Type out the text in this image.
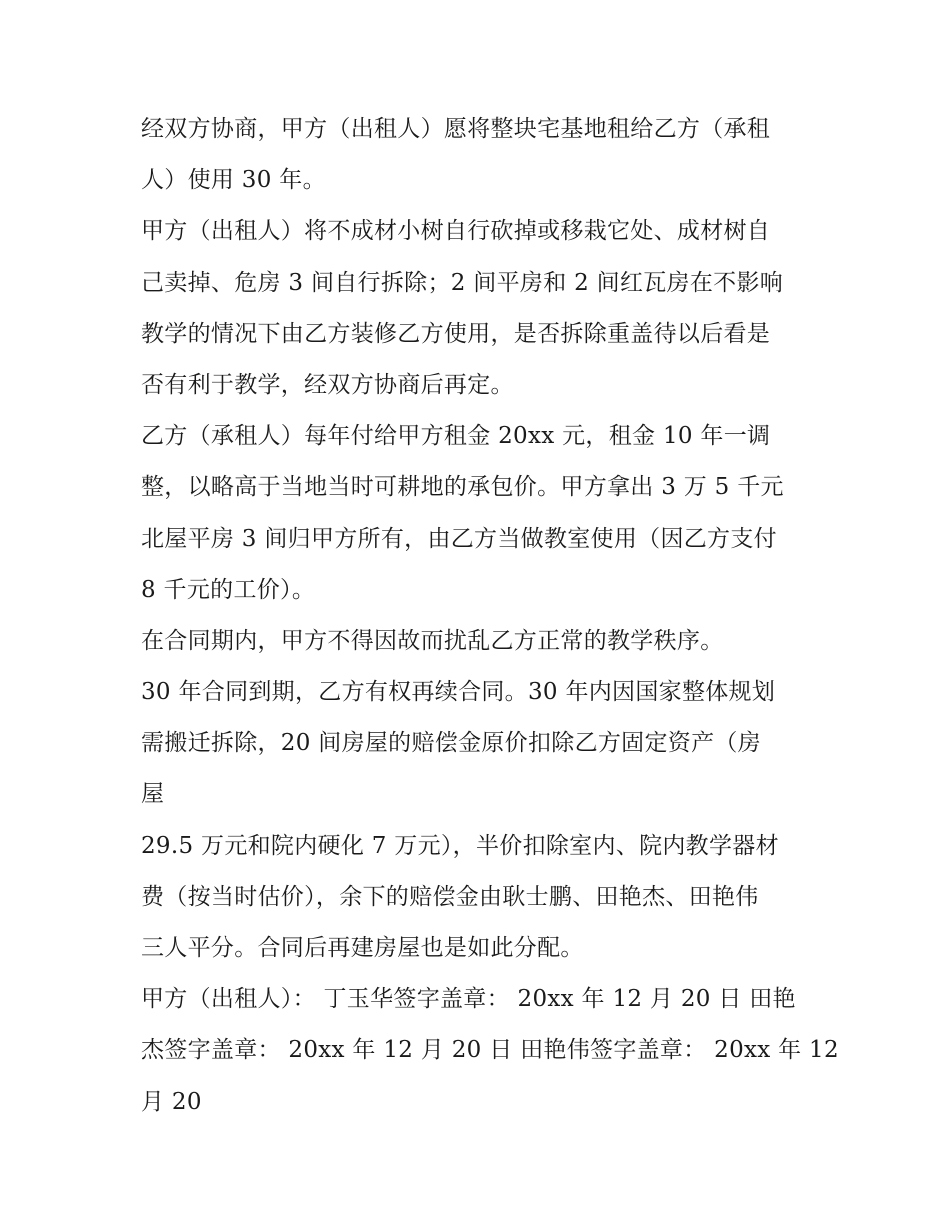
经双方协商，甲方（出租人）愿将整块宅基地租给乙方（承租
人）使用 30 年。
甲方（出租人）将不成材小树自行砍掉或移栽它处、成材树自
己卖掉、危房 3 间自行拆除；2 间平房和 2 间红瓦房在不影响
教学的情况下由乙方装修乙方使用，是否拆除重盖待以后看是
否有利于教学，经双方协商后再定。
乙方（承租人）每年付给甲方租金 20xx 元，租金 10 年一调
整，以略高于当地当时可耕地的承包价。甲方拿出 3 万 5 千元
北屋平房 3 间归甲方所有，由乙方当做教室使用（因乙方支付
8 千元的工价）。
在合同期内，甲方不得因故而扰乱乙方正常的教学秩序。
30 年合同到期，乙方有权再续合同。30 年内因国家整体规划
需搬迁拆除，20 间房屋的赔偿金原价扣除乙方固定资产（房
屋
29.5 万元和院内硬化 7 万元），半价扣除室内、院内教学器材
费（按当时估价），余下的赔偿金由耿士鹏、田艳杰、田艳伟
三人平分。合同后再建房屋也是如此分配。
甲方（出租人）： 丁玉华签字盖章： 20xx 年 12 月 20 日 田艳
杰签字盖章： 20xx 年 12 月 20 日 田艳伟签字盖章： 20xx 年 12
月 20
